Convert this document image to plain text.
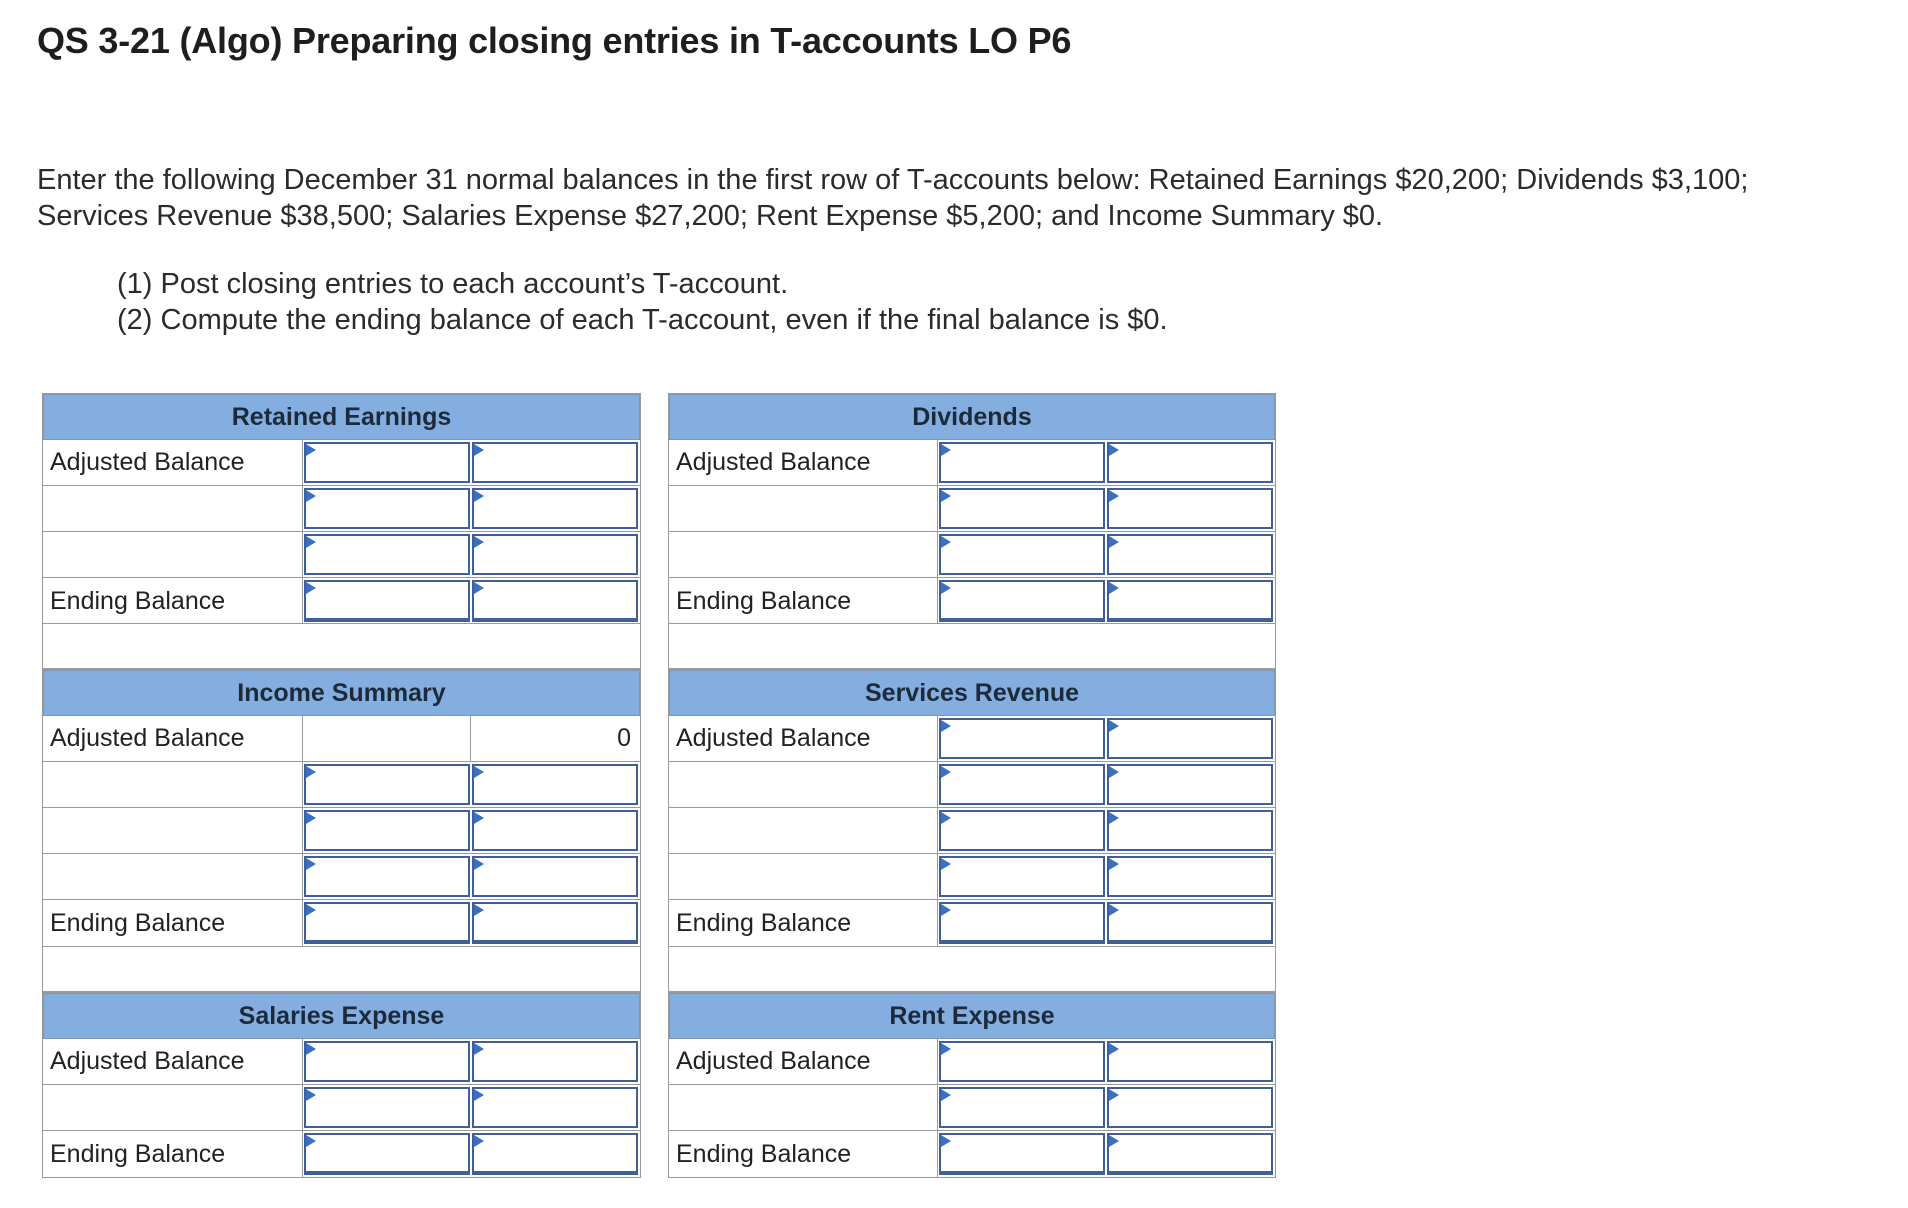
QS 3-21 (Algo) Preparing closing entries in T-accounts LO P6

Enter the following December 31 normal balances in the first row of T-accounts below: Retained Earnings $20,200; Dividends $3,100;

Services Revenue $38,500; Salaries Expense $27,200; Rent Expense $5,200; and Income Summary $0.

(1) Post closing entries to each account’s T-account.

(2) Compute the ending balance of each T-account, even if the final balance is $0.

Retained Earnings
Adjusted Balance
Ending Balance
Dividends
Adjusted Balance
Ending Balance
Income Summary
Adjusted Balance	0
Ending Balance
Services Revenue
Adjusted Balance
Ending Balance
Salaries Expense
Adjusted Balance
Ending Balance
Rent Expense
Adjusted Balance
Ending Balance
